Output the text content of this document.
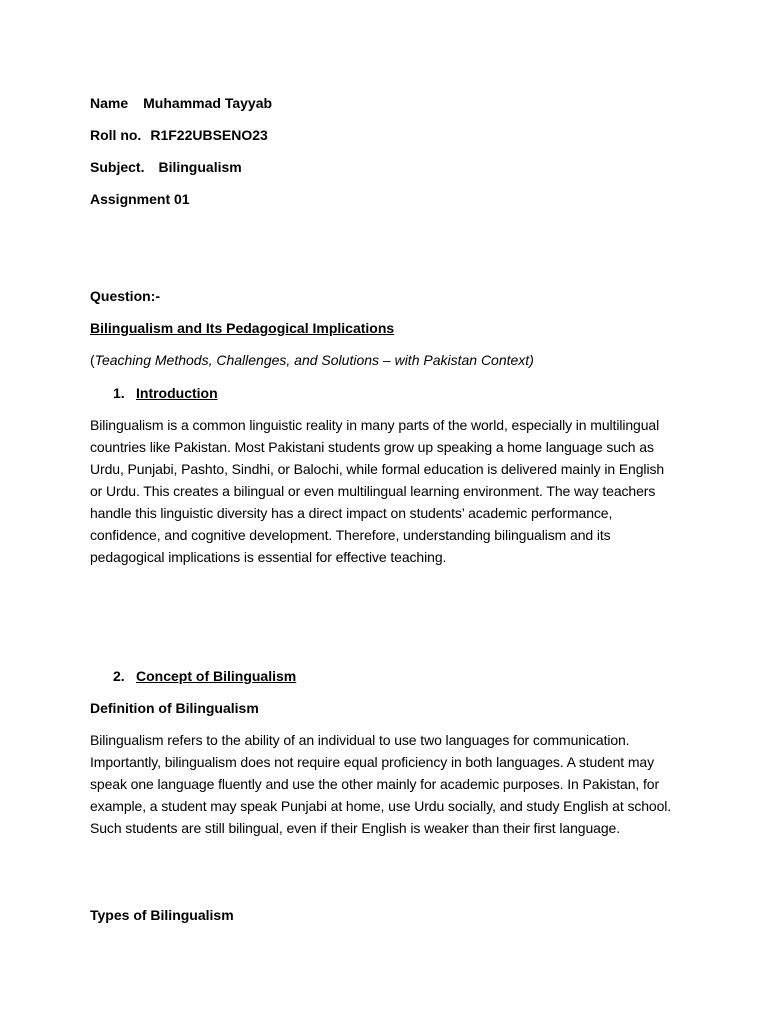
Name Muhammad Tayyab

Roll no. R1F22UBSENO23

Subject. Bilingualism

Assignment 01

Question:-

Bilingualism and Its Pedagogical Implications

(Teaching Methods, Challenges, and Solutions – with Pakistan Context)

1. Introduction

Bilingualism is a common linguistic reality in many parts of the world, especially in multilingual countries like Pakistan. Most Pakistani students grow up speaking a home language such as Urdu, Punjabi, Pashto, Sindhi, or Balochi, while formal education is delivered mainly in English or Urdu. This creates a bilingual or even multilingual learning environment. The way teachers handle this linguistic diversity has a direct impact on students’ academic performance, confidence, and cognitive development. Therefore, understanding bilingualism and its pedagogical implications is essential for effective teaching.

2. Concept of Bilingualism

Definition of Bilingualism

Bilingualism refers to the ability of an individual to use two languages for communication. Importantly, bilingualism does not require equal proficiency in both languages. A student may speak one language fluently and use the other mainly for academic purposes. In Pakistan, for example, a student may speak Punjabi at home, use Urdu socially, and study English at school. Such students are still bilingual, even if their English is weaker than their first language.

Types of Bilingualism
